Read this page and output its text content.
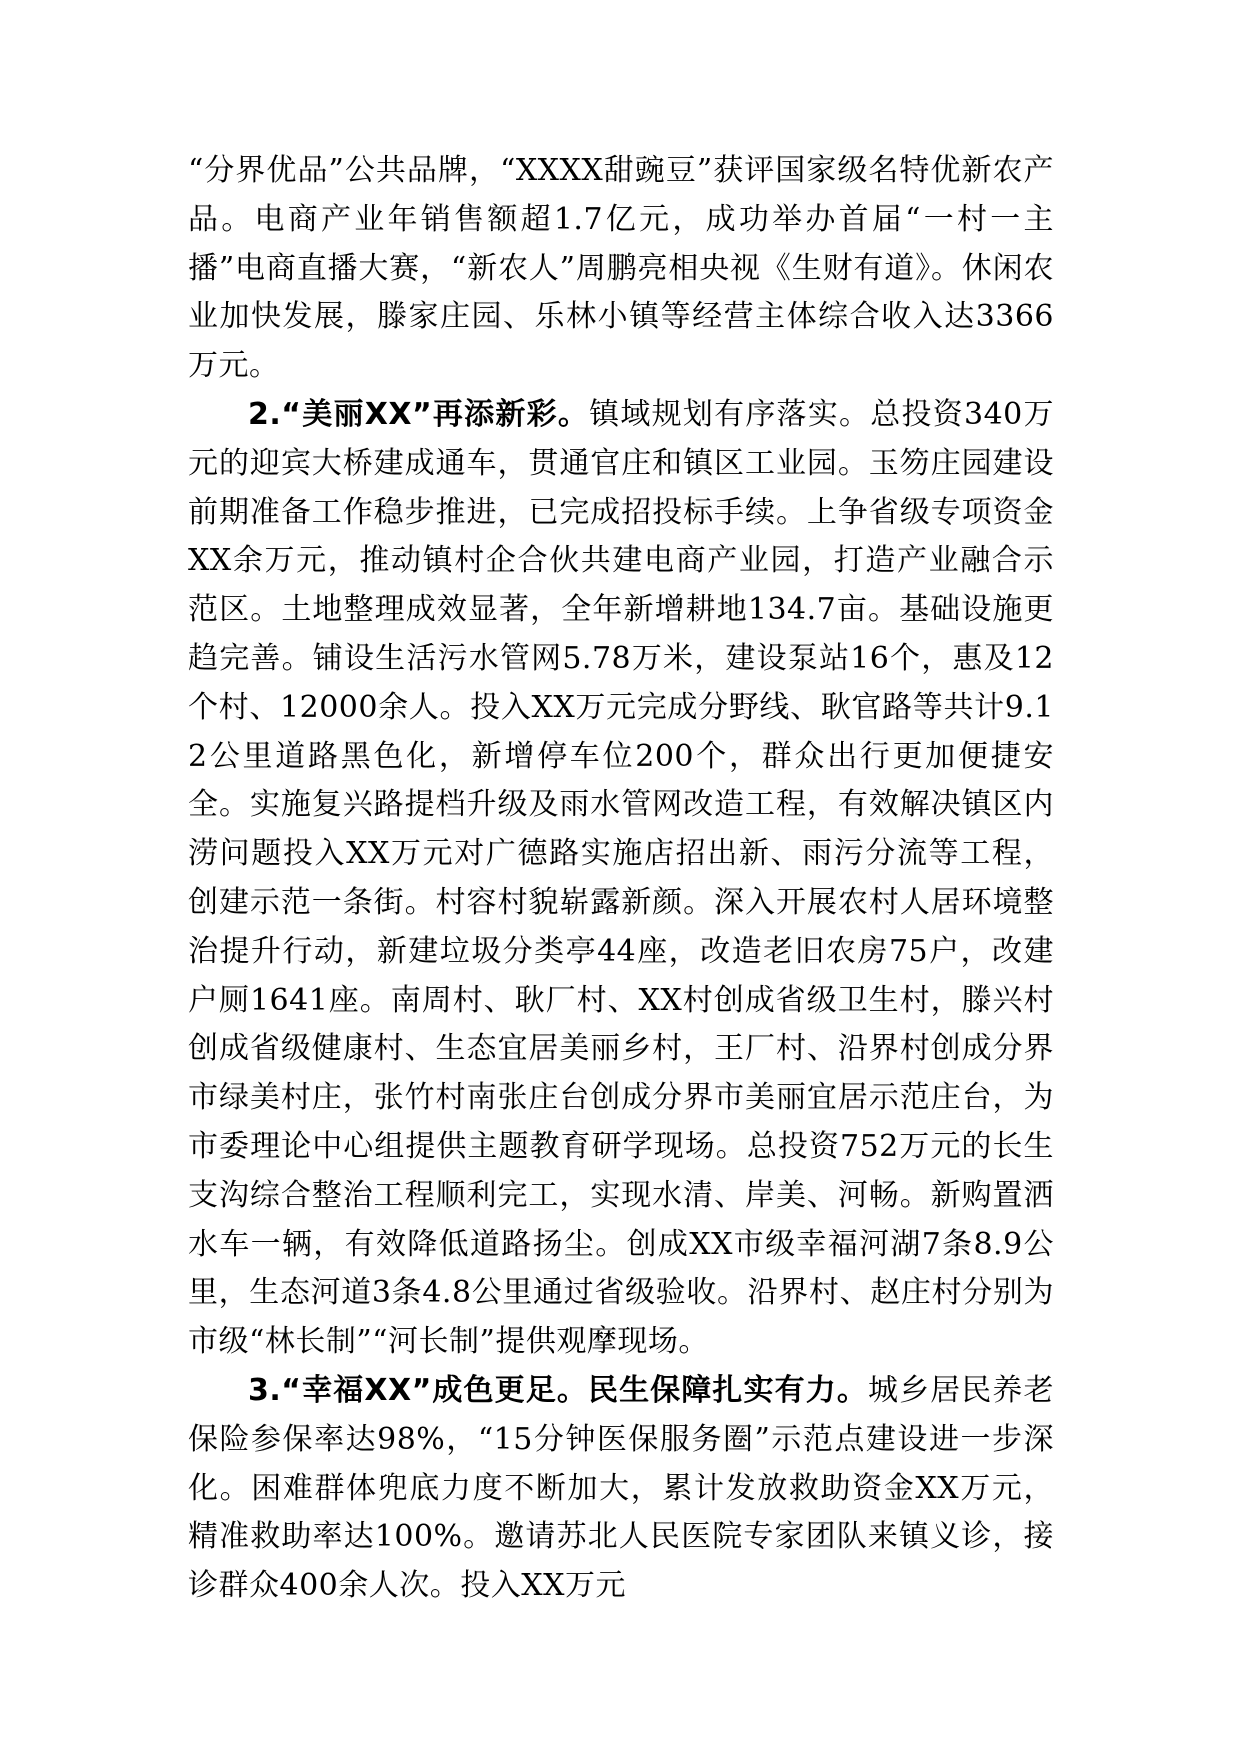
“分界优品”公共品牌，“XXXX甜豌豆”获评国家级名特优新农产品。电商产业年销售额超1.7亿元，成功举办首届“一村一主播”电商直播大赛，“新农人”周鹏亮相央视《生财有道》。休闲农业加快发展，滕家庄园、乐林小镇等经营主体综合收入达3366万元。

2.“美丽XX”再添新彩。镇域规划有序落实。总投资340万元的迎宾大桥建成通车，贯通官庄和镇区工业园。玉笏庄园建设前期准备工作稳步推进，已完成招投标手续。上争省级专项资金XX余万元，推动镇村企合伙共建电商产业园，打造产业融合示范区。土地整理成效显著，全年新增耕地134.7亩。基础设施更趋完善。铺设生活污水管网5.78万米，建设泵站16个，惠及12个村、12000余人。投入XX万元完成分野线、耿官路等共计9.12公里道路黑色化，新增停车位200个，群众出行更加便捷安全。实施复兴路提档升级及雨水管网改造工程，有效解决镇区内涝问题投入XX万元对广德路实施店招出新、雨污分流等工程，创建示范一条街。村容村貌崭露新颜。深入开展农村人居环境整治提升行动，新建垃圾分类亭44座，改造老旧农房75户，改建户厕1641座。南周村、耿厂村、XX村创成省级卫生村，滕兴村创成省级健康村、生态宜居美丽乡村，王厂村、沿界村创成分界市绿美村庄，张竹村南张庄台创成分界市美丽宜居示范庄台，为市委理论中心组提供主题教育研学现场。总投资752万元的长生支沟综合整治工程顺利完工，实现水清、岸美、河畅。新购置洒水车一辆，有效降低道路扬尘。创成XX市级幸福河湖7条8.9公里，生态河道3条4.8公里通过省级验收。沿界村、赵庄村分别为市级“林长制”“河长制”提供观摩现场。

3.“幸福XX”成色更足。民生保障扎实有力。城乡居民养老保险参保率达98%，“15分钟医保服务圈”示范点建设进一步深化。困难群体兜底力度不断加大，累计发放救助资金XX万元，精准救助率达100%。邀请苏北人民医院专家团队来镇义诊，接诊群众400余人次。投入XX万元
